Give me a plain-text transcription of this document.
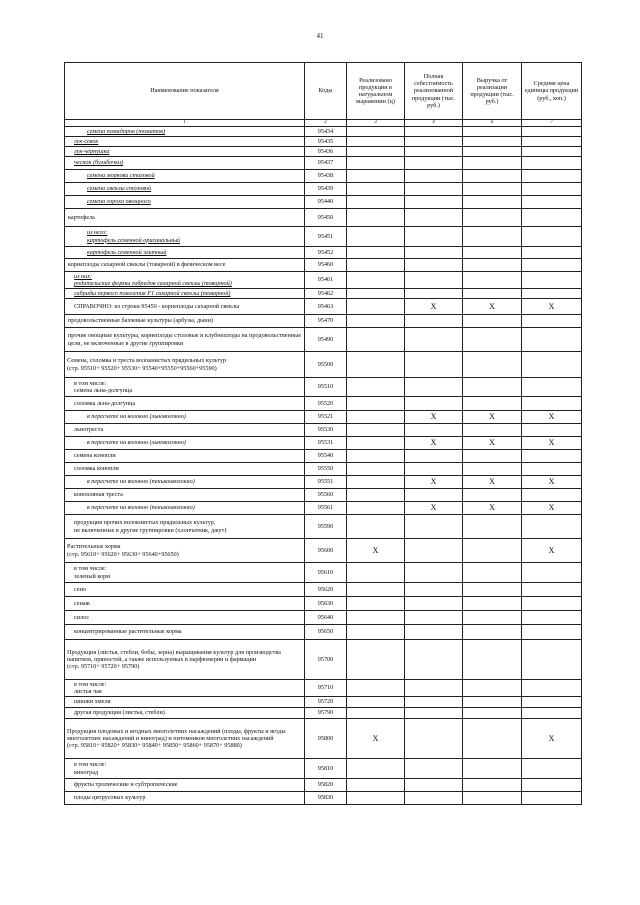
41
Наименование показателя	Коды	Реализовано продукции в натуральном выражении (ц)	Полная себестоимость реализованной продукции (тыс. руб.)	Выручка от реализации продукции (тыс. руб.)	Средняя цена единицы продукции (руб., коп.)
1	2	3	4	6	7
семена помидоров (томатов)	95434				
лук-севок	95435				
лук-чернушка	95436				
чеснок (бульбочки)	95437				
семена моркови столовой	95438				
семена свеклы столовой	95439				
семена гороха овощного	95440				
картофель	95450				
из него:
картофель семенной оригинальный	95451				
картофель семенной элитный	95452				
корнеплоды сахарной свеклы (товарной) в физическом весе	95460				
из них:
родительские формы гибридов сахарной свеклы (товарной)	95461				
гибриды первого поколения F1 сахарной свеклы (товарной)	95462				
СПРАВОЧНО: из строки 95450 - корнеплоды сахарной свеклы	95463		X	X	X
продовольственные бахчевые культуры (арбузы, дыни)	95470				
прочие овощные культуры, корнеплоды столовые и клубнеплоды на продовольственные цели, не включенные в другие группировки	95490				
Семена, соломка и треста волокнистых прядильных культур
(стр. 95510+ 95520+ 95530+ 95540+95550+95560+95590)	95500				
в том числе:
семена льна-долгунца	95510				
соломка льна-долгунца	95520				
в пересчете на волокно (льноволокно)	95521		X	X	X
льнотреста	95530				
в пересчете на волокно (льноволокно)	95531		X	X	X
семена конопли	95540				
соломка конопли	95550				
в пересчете на волокно (пенькоиволокно)	95551		X	X	X
конопляная треста	95560				
в пересчете на волокно (пенькоиволокно)	95561		X	X	X
продукция прочих волокнистых прядильных культур,
не включенные в другие группировки (хлопчатник, джут)	95590				
Растительные корма
(стр. 95610+ 95620+ 95630+ 95640+95650)	95600	X			X
в том числе:
зеленый корм	95610				
сено	95620				
сенаж	95630				
силос	95640				
концентрированные растительные корма	95650				
Продукция (листья, стебли, бобы, зерна) выращивания культур для производства напитков, пряностей, а также используемых в парфюмерии и фармации
(стр. 95710+ 95720+ 95790)	95700				
в том числе:
листья чая	95710				
шишки хмеля	95720				
другая продукция (листья, стебли)	95790				
Продукция плодовых и ягодных многолетних насаждений (плоды, фрукты и ягоды многолетних насаждений и виноград) и питомников многолетних насаждений
(стр. 95810+ 95820+ 95830+ 95840+ 95850+ 95860+ 95870+ 95880)	95800	X			X
в том числе:
виноград	95810				
фрукты тропические и субтропические	95820				
плоды цитрусовых культур	95830				
